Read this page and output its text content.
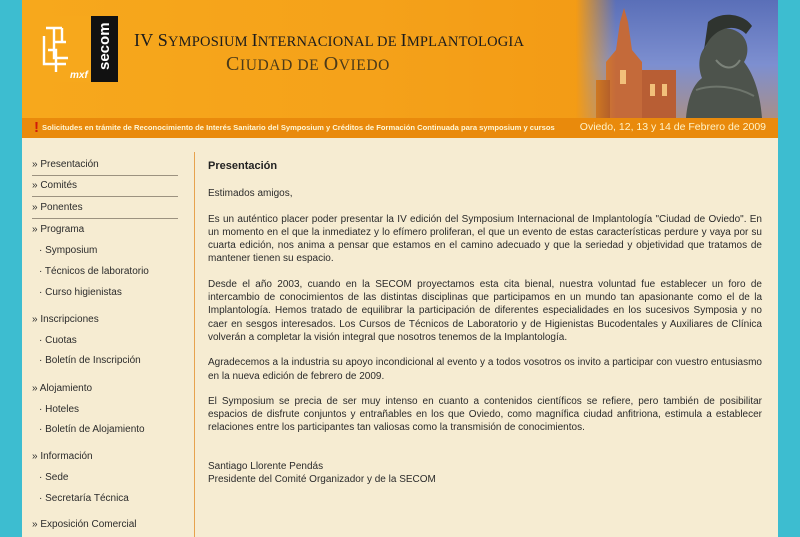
secom
mxf
IV SYMPOSIUM INTERNACIONAL DE IMPLANTOLOGIA
CIUDAD DE OVIEDO
! Solicitudes en trámite de Reconocimiento de Interés Sanitario del Symposium y Créditos de Formación Continuada para symposium y cursos Oviedo, 12, 13 y 14 de Febrero de 2009
» Presentación
» Comités
» Ponentes
» Programa
· Symposium
· Técnicos de laboratorio
· Curso higienistas
» Inscripciones
· Cuotas
· Boletín de Inscripción
» Alojamiento
· Hoteles
· Boletín de Alojamiento
» Información
· Sede
· Secretaría Técnica
» Exposición Comercial
Presentación

Estimados amigos,

Es un auténtico placer poder presentar la IV edición del Symposium Internacional de Implantología "Ciudad de Oviedo". En un momento en el que la inmediatez y lo efímero proliferan, el que un evento de estas características perdure y vaya por su cuarta edición, nos anima a pensar que estamos en el camino adecuado y que la seriedad y objetividad que tratamos de mantener tienen su espacio.

Desde el año 2003, cuando en la SECOM proyectamos esta cita bienal, nuestra voluntad fue establecer un foro de intercambio de conocimientos de las distintas disciplinas que participamos en un mundo tan apasionante como el de la Implantología. Hemos tratado de equilibrar la participación de diferentes especialidades en los sucesivos Symposia y no caer en sesgos interesados. Los Cursos de Técnicos de Laboratorio y de Higienistas Bucodentales y Auxiliares de Clínica volverán a completar la visión integral que nosotros tenemos de la Implantología.

Agradecemos a la industria su apoyo incondicional al evento y a todos vosotros os invito a participar con vuestro entusiasmo en la nueva edición de febrero de 2009.

El Symposium se precia de ser muy intenso en cuanto a contenidos científicos se refiere, pero también de posibilitar espacios de disfrute conjuntos y entrañables en los que Oviedo, como magnífica ciudad anfitriona, estimula a establecer relaciones entre los participantes tan valiosas como la transmisión de conocimientos.

Santiago Llorente Pendás

Presidente del Comité Organizador y de la SECOM
